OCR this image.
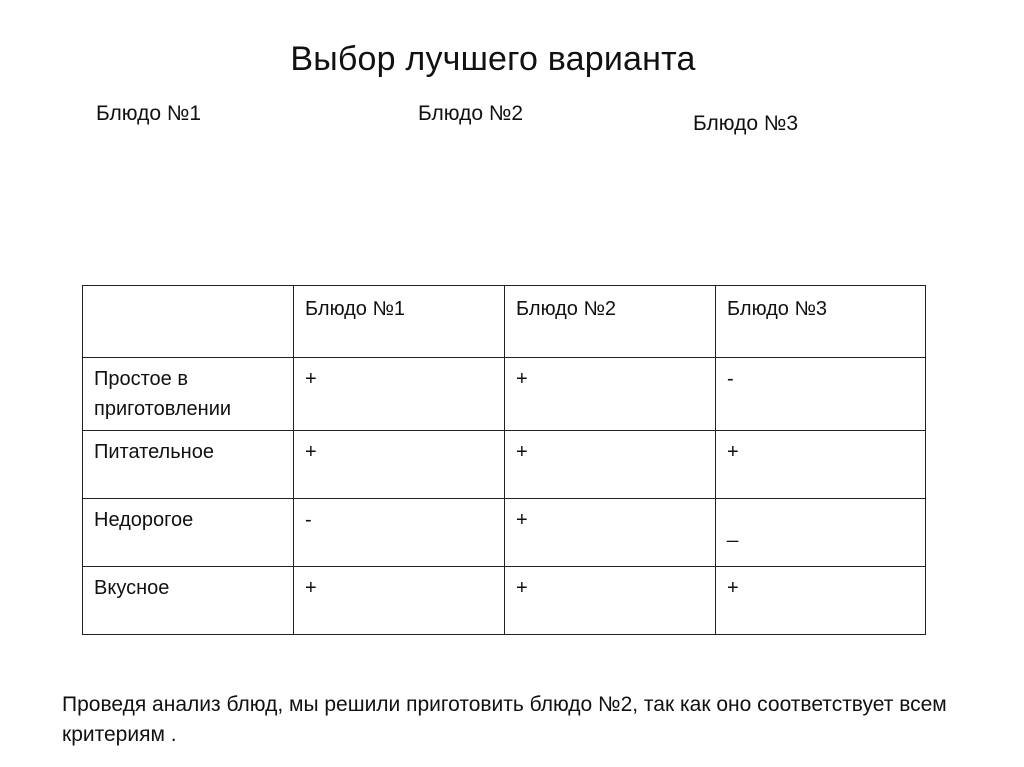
Выбор лучшего варианта
Блюдо №1	Блюдо №2	Блюдо №3
	Блюдо №1	Блюдо №2	Блюдо №3
Простое в приготовлении	+	+	-
Питательное	+	+	+
Недорогое	-	+	_
Вкусное	+	+	+
Проведя анализ блюд, мы решили приготовить блюдо №2, так как оно соответствует всем критериям .
